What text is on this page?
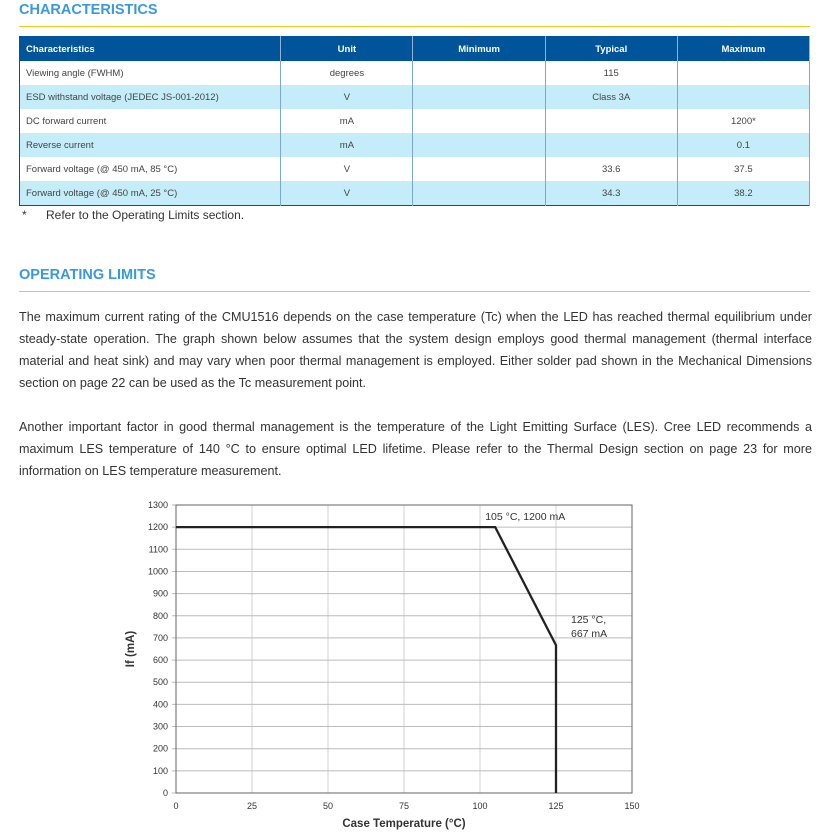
CHARACTERISTICS
Characteristics	Unit	Minimum	Typical	Maximum
Viewing angle (FWHM)	degrees		115	
ESD withstand voltage (JEDEC JS-001-2012)	V		Class 3A	
DC forward current	mA			1200*
Reverse current	mA			0.1
Forward voltage (@ 450 mA, 85 °C)	V		33.6	37.5
Forward voltage (@ 450 mA, 25 °C)	V		34.3	38.2
* Refer to the Operating Limits section.
OPERATING LIMITS

The maximum current rating of the CMU1516 depends on the case temperature (Tc) when the LED has reached thermal equilibrium under steady-state operation. The graph shown below assumes that the system design employs good thermal management (thermal interface material and heat sink) and may vary when poor thermal management is employed. Either solder pad shown in the Mechanical Dimensions section on page 22 can be used as the Tc measurement point.

Another important factor in good thermal management is the temperature of the Light Emitting Surface (LES). Cree LED recommends a maximum LES temperature of 140 °C to ensure optimal LED lifetime. Please refer to the Thermal Design section on page 23 for more information on LES temperature measurement.

0	25	50	75	100	125	150
0
100
200
300
400
500
600
700
800
900
1000
1100
1200
1300
105 °C, 1200 mA
125 °C,
667 mA
Case Temperature (°C)
If (mA)
